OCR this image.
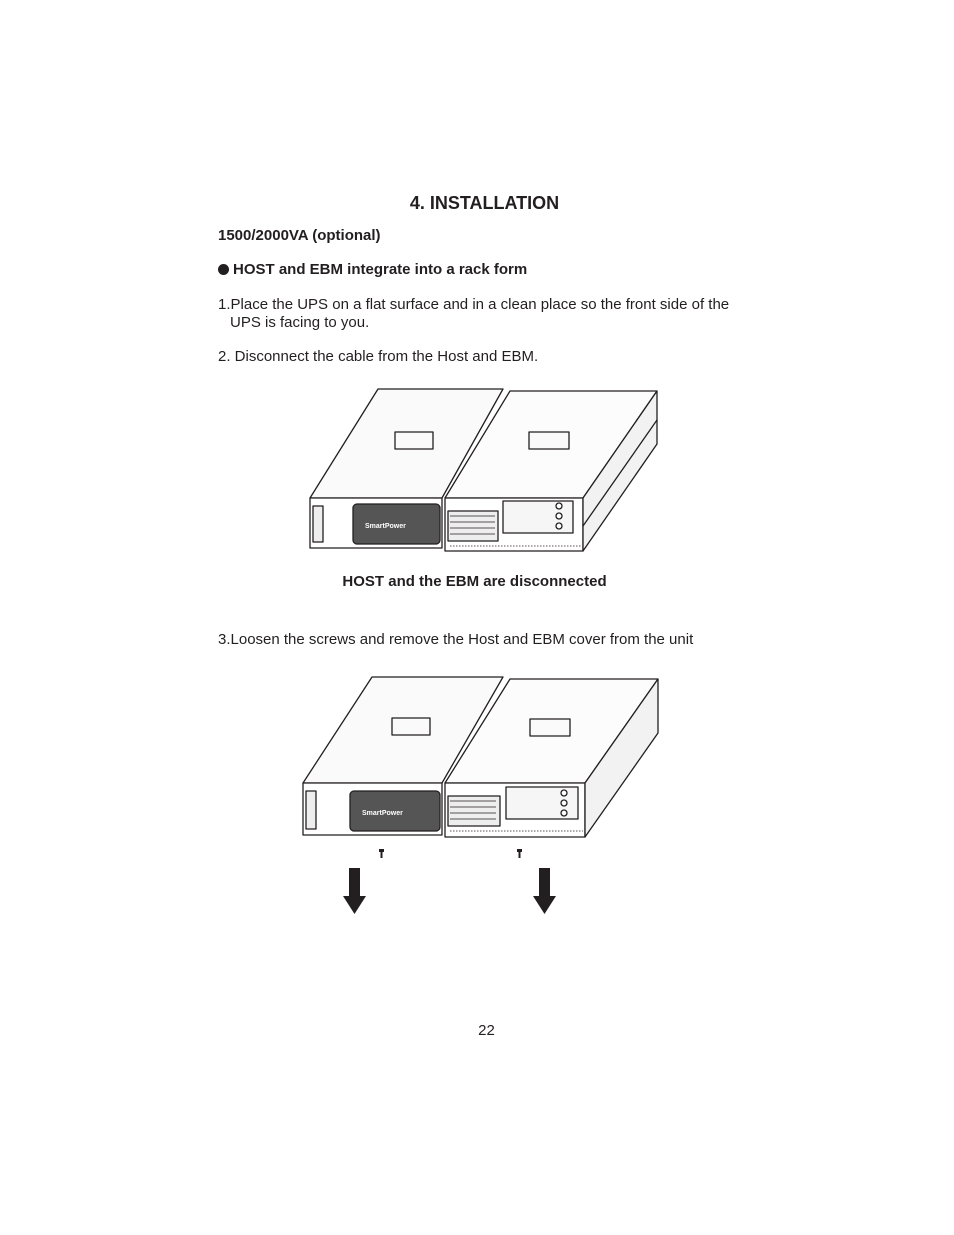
4. INSTALLATION
1500/2000VA (optional)
HOST and EBM integrate into a rack form
1.Place the UPS on a flat surface and in a clean place so the front side of the
UPS is facing to you.
2. Disconnect the cable from the Host and EBM.
SmartPower
HOST and the EBM are disconnected
3.Loosen the screws and remove the Host and EBM cover from the unit
SmartPower
22
